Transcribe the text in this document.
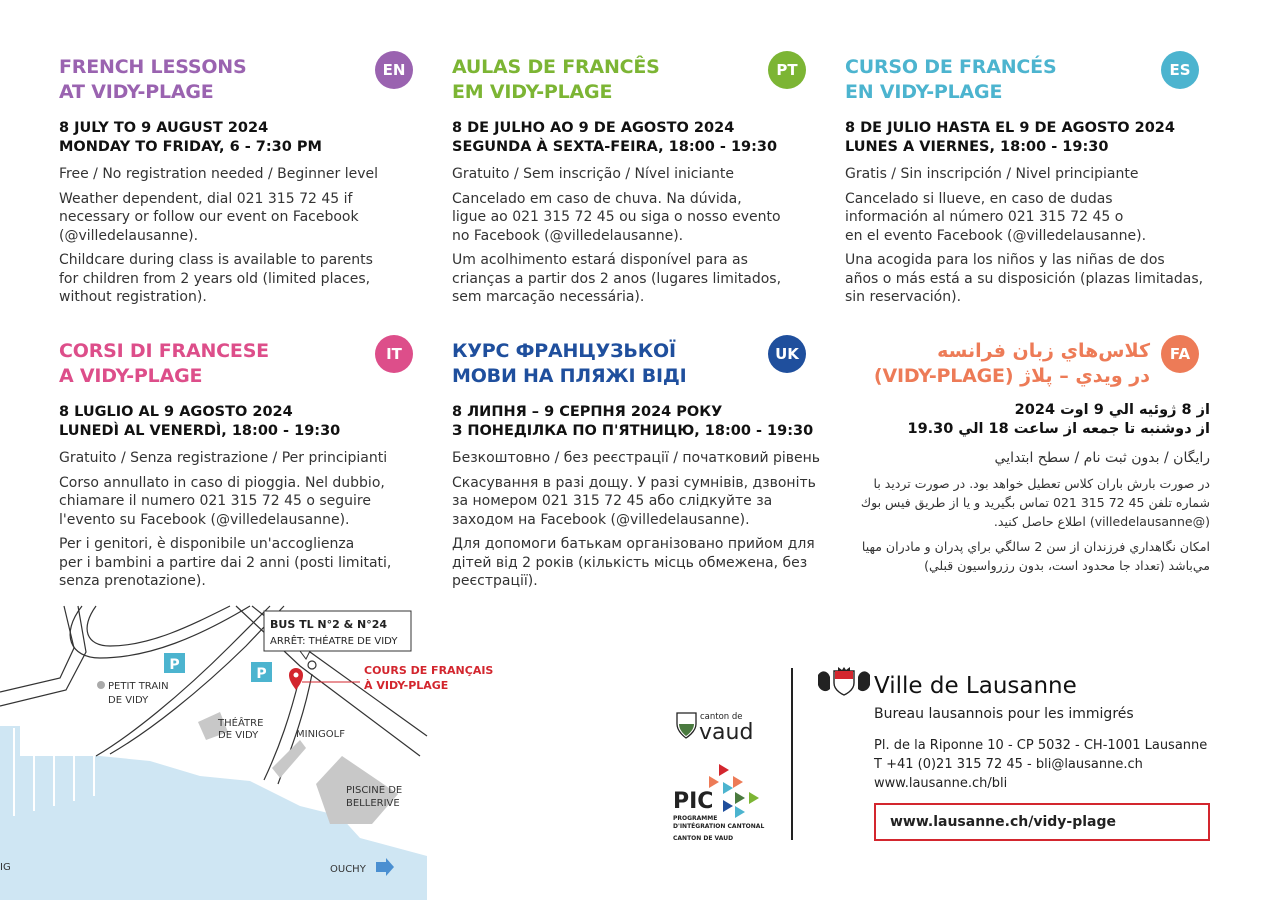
FRENCH LESSONS
AT VIDY-PLAGE
8 JULY TO 9 AUGUST 2024
MONDAY TO FRIDAY, 6 - 7:30 PM
Free / No registration needed / Beginner level
Weather dependent, dial 021 315 72 45 if
necessary or follow our event on Facebook
(@villedelausanne).
Childcare during class is available to parents
for children from 2 years old (limited places,
without registration).
EN	AULAS DE FRANCÊS
EM VIDY-PLAGE
8 DE JULHO AO 9 DE AGOSTO 2024
SEGUNDA À SEXTA-FEIRA, 18:00 - 19:30
Gratuito / Sem inscrição / Nível iniciante
Cancelado em caso de chuva. Na dúvida,
ligue ao 021 315 72 45 ou siga o nosso evento
no Facebook (@villedelausanne).
Um acolhimento estará disponível para as
crianças a partir dos 2 anos (lugares limitados,
sem marcação necessária).
PT	CURSO DE FRANCÉS
EN VIDY-PLAGE
8 DE JULIO HASTA EL 9 DE AGOSTO 2024
LUNES A VIERNES, 18:00 - 19:30
Gratis / Sin inscripción / Nivel principiante
Cancelado si llueve, en caso de dudas
información al número 021 315 72 45 o
en el evento Facebook (@villedelausanne).
Una acogida para los niños y las niñas de dos
años o más está a su disposición (plazas limitadas,
sin reservación).
ES
CORSI DI FRANCESE
A VIDY-PLAGE
8 LUGLIO AL 9 AGOSTO 2024
LUNEDÌ AL VENERDÌ, 18:00 - 19:30
Gratuito / Senza registrazione / Per principianti
Corso annullato in caso di pioggia. Nel dubbio,
chiamare il numero 021 315 72 45 o seguire
l'evento su Facebook (@villedelausanne).
Per i genitori, è disponibile un'accoglienza
per i bambini a partire dai 2 anni (posti limitati,
senza prenotazione).
IT	КУРС ФРАНЦУЗЬКОЇ
МОВИ НА ПЛЯЖІ ВІДІ
8 ЛИПНЯ – 9 СЕРПНЯ 2024 РОКУ
З ПОНЕДІЛКА ПО П'ЯТНИЦЮ, 18:00 - 19:30
Безкоштовно / без реєстрації / початковий рівень
Скасування в разі дощу. У разі сумнівів, дзвоніть
за номером 021 315 72 45 або слідкуйте за
заходом на Facebook (@villedelausanne).
Для допомоги батькам організовано прийом для
дітей від 2 років (кількість місць обмежена, без
реєстрації).
UK	کلاس‌هاي زبان فرانسه
در ويدي – پلاژ (VIDY-PLAGE)
از 8 ژوئيه الي 9 اوت 2024
از دوشنبه تا جمعه از ساعت 18 الي 19.30
رايگان / بدون ثبت نام / سطح ابتدايي
در صورت بارش باران كلاس تعطيل خواهد بود. در صورت ترديد با
شماره تلفن 45 72 315 021 تماس بگيريد و يا از طريق فيس بوك
(@villedelausanne) اطلاع حاصل كنيد.
امكان نگاهداري فرزندان از سن 2 سالگي براي پدران و مادران مهيا
مي‌باشد (تعداد جا محدود است، بدون رزرواسيون قبلي)
FA
P
P
BUS TL N°2 & N°24
ARRÊT: THÉATRE DE VIDY
COURS DE FRANÇAIS
À VIDY-PLAGE
PETIT TRAIN
DE VIDY
THÉÂTRE
DE VIDY	MINIGOLF
PISCINE DE
BELLERIVE
OUCHY
IG
canton de
vaud
PIC
PROGRAMME
D'INTÉGRATION CANTONAL
CANTON DE VAUD
Ville de Lausanne
Bureau lausannois pour les immigrés
Pl. de la Riponne 10 - CP 5032 - CH-1001 Lausanne
T +41 (0)21 315 72 45 - bli@lausanne.ch
www.lausanne.ch/bli
www.lausanne.ch/vidy-plage
